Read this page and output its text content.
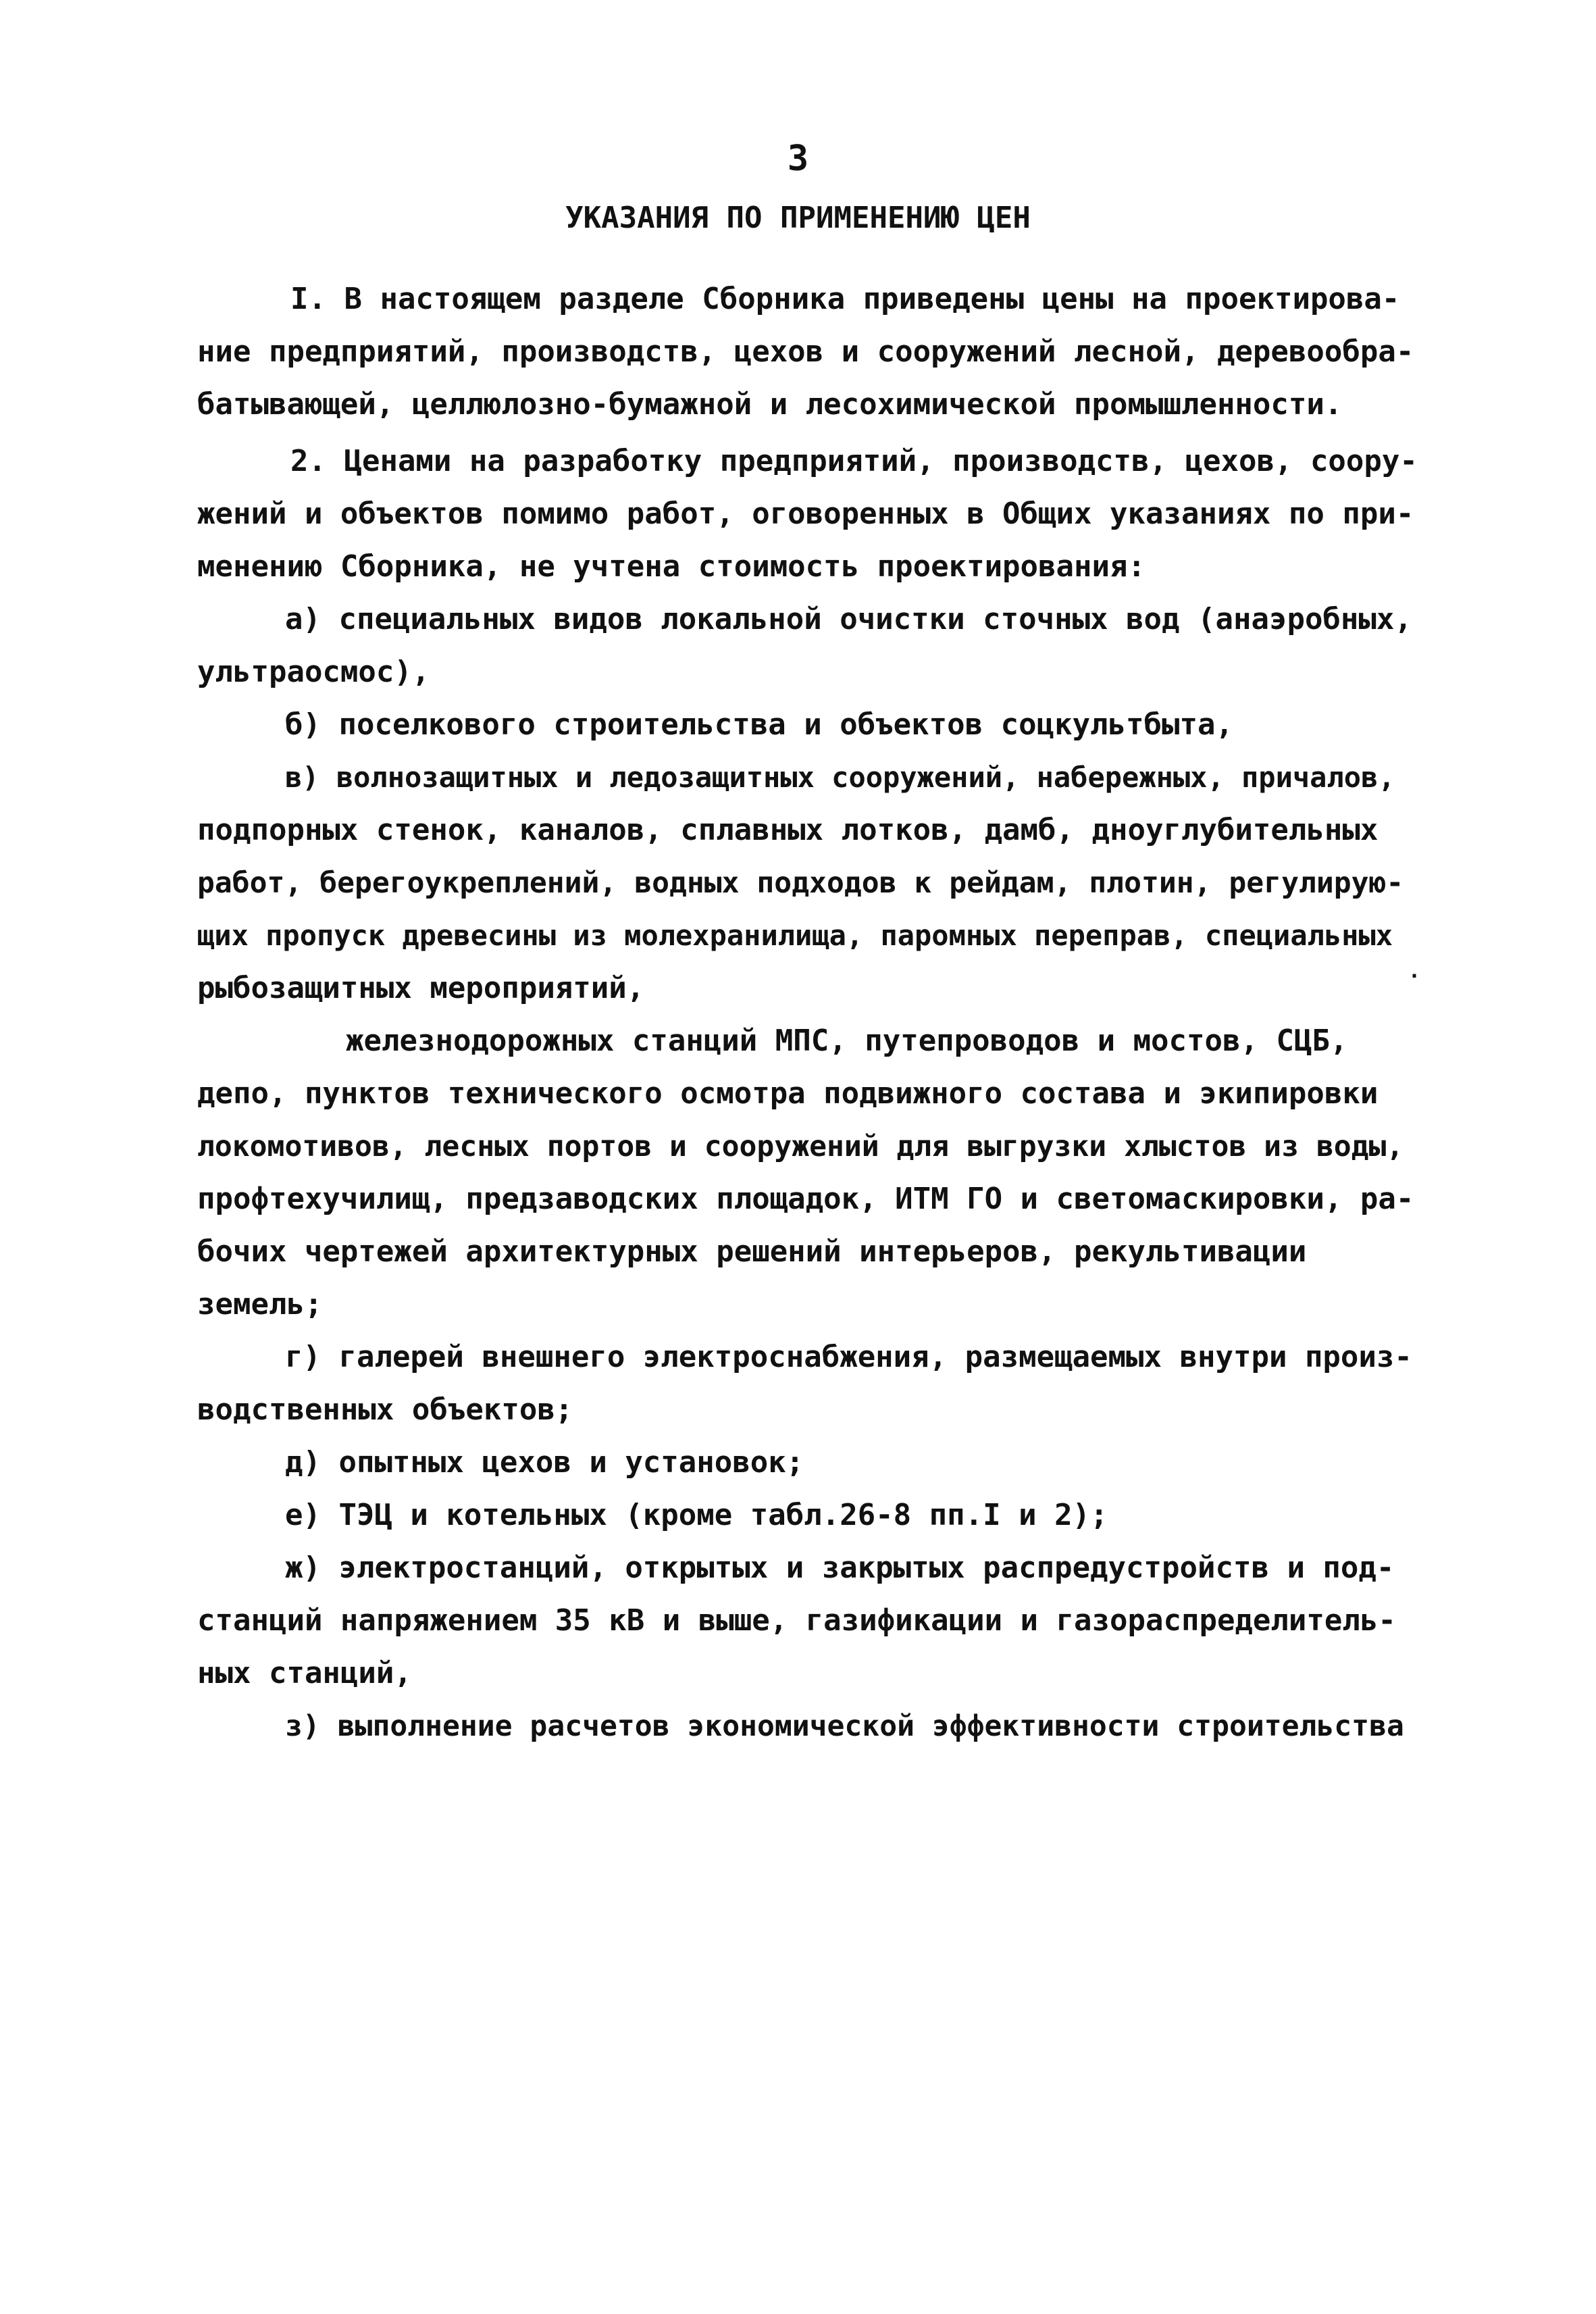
3
УКАЗАНИЯ ПО ПРИМЕНЕНИЮ ЦЕН
I. В настоящем разделе Сборника приведены цены на проектирова-
ние предприятий, производств, цехов и сооружений лесной, деревообра-
батывающей, целлюлозно-бумажной и лесохимической промышленности.
2. Ценами на разработку предприятий, производств, цехов, соору-
жений и объектов помимо работ, оговоренных в Общих указаниях по при-
менению Сборника, не учтена стоимость проектирования:
а) специальных видов локальной очистки сточных вод (анаэробных,
ультраосмос),
б) поселкового строительства и объектов соцкультбыта,
в) волнозащитных и ледозащитных сооружений, набережных, причалов,
подпорных стенок, каналов, сплавных лотков, дамб, дноуглубительных
работ, берегоукреплений, водных подходов к рейдам, плотин, регулирую-
щих пропуск древесины из молехранилища, паромных переправ, специальных
рыбозащитных мероприятий,
железнодорожных станций МПС, путепроводов и мостов, СЦБ,
депо, пунктов технического осмотра подвижного состава и экипировки
локомотивов, лесных портов и сооружений для выгрузки хлыстов из воды,
профтехучилищ, предзаводских площадок, ИТМ ГО и светомаскировки, ра-
бочих чертежей архитектурных решений интерьеров, рекультивации
земель;
г) галерей внешнего электроснабжения, размещаемых внутри произ-
водственных объектов;
д) опытных цехов и установок;
е) ТЭЦ и котельных (кроме табл.26-8 пп.I и 2);
ж) электростанций, открытых и закрытых распредустройств и под-
станций напряжением 35 кВ и выше, газификации и газораспределитель-
ных станций,
з) выполнение расчетов экономической эффективности строительства
.
